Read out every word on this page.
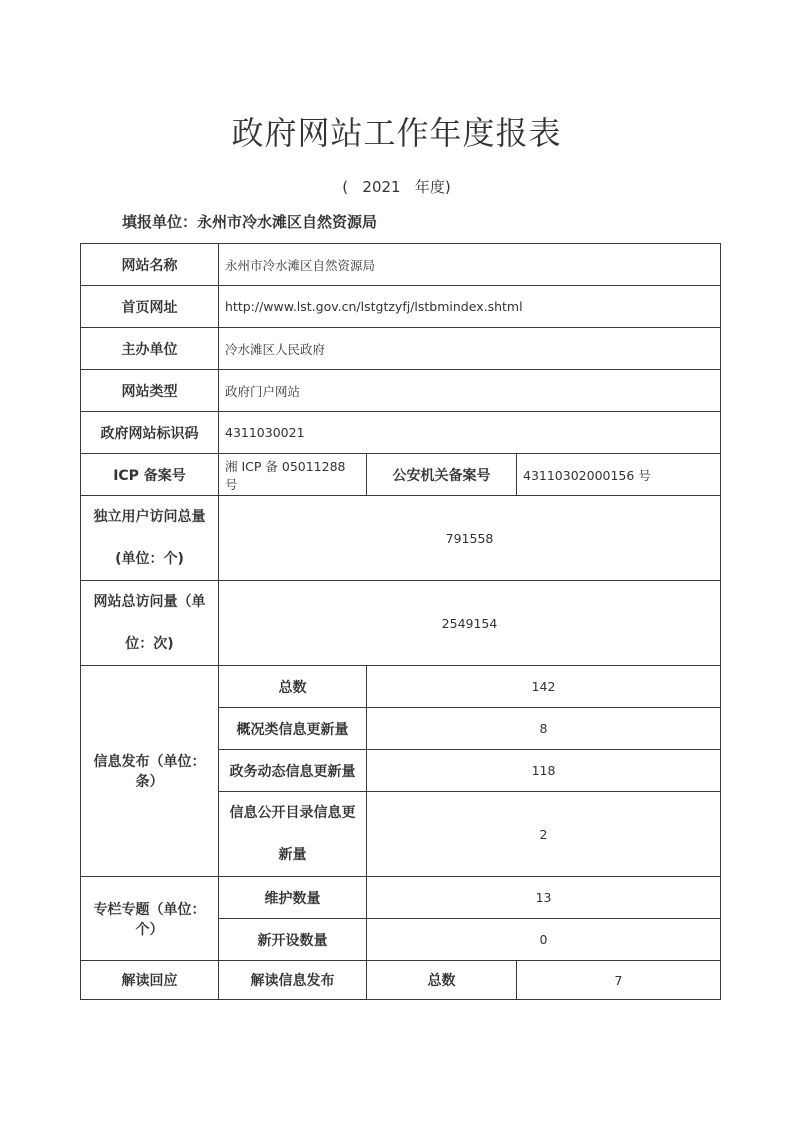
政府网站工作年度报表
(   2021   年度)
填报单位：永州市冷水滩区自然资源局
网站名称	永州市冷水滩区自然资源局		
首页网址	http://www.lst.gov.cn/lstgtzyfj/lstbmindex.shtml		
主办单位	冷水滩区人民政府		
网站类型	政府门户网站		
政府网站标识码	4311030021		
ICP 备案号	湘 ICP 备 05011288 号	公安机关备案号	43110302000156 号

独立用户访问总量
(单位：个)	791558		

网站总访问量（单
位：次)	2549154		
信息发布（单位：条）	总数	142	
	概况类信息更新量	8	
	政务动态信息更新量	118	

	信息公开目录信息更
新量	2	
专栏专题（单位：个）	维护数量	13	
	新开设数量	0	
解读回应	解读信息发布	总数	7
